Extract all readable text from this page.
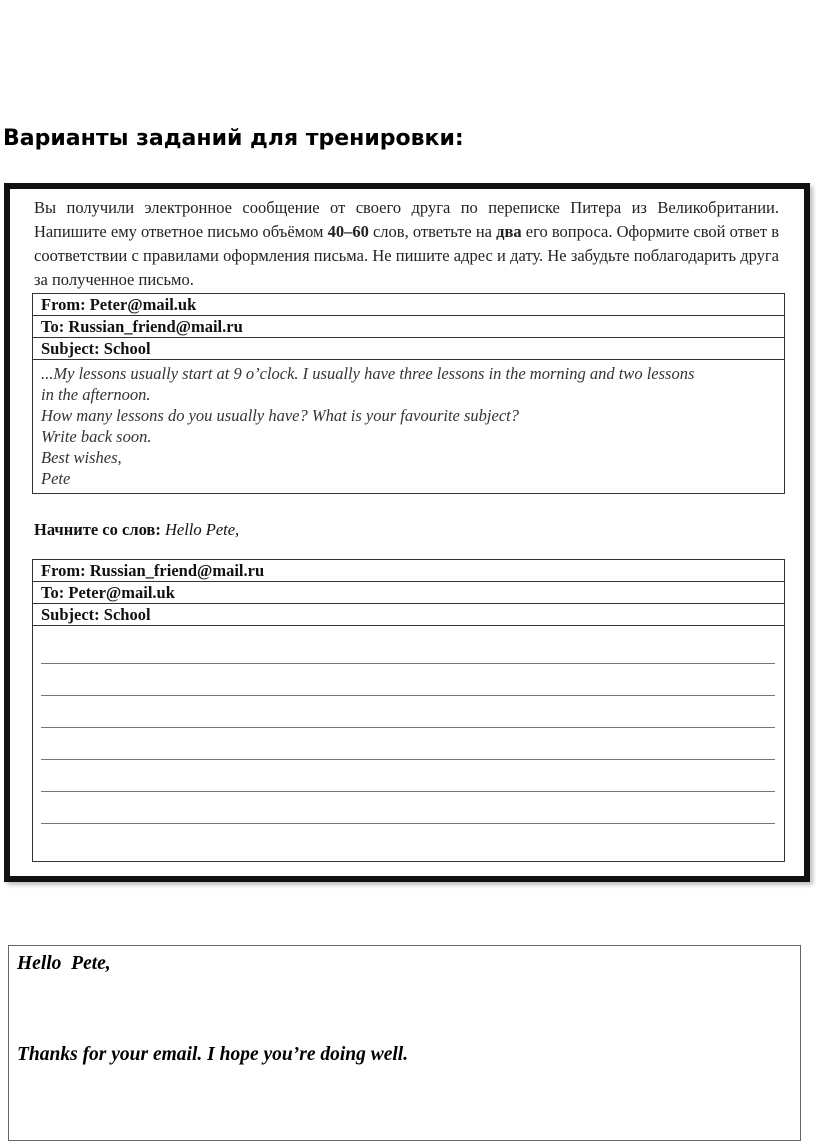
Варианты заданий для тренировки:
Вы получили электронное сообщение от своего друга по переписке Питера из Великобритании. Напишите ему ответное письмо объёмом 40–60 слов, ответьте на два его вопроса. Оформите свой ответ в соответствии с правилами оформления письма. Не пишите адрес и дату. Не забудьте поблагодарить друга за полученное письмо.
From: Peter@mail.uk
To: Russian_friend@mail.ru
Subject: School
...My lessons usually start at 9 o’clock. I usually have three lessons in the morning and two lessons
in the afternoon.
How many lessons do you usually have? What is your favourite subject?
Write back soon.
Best wishes,
Pete
Начните со слов: Hello Pete,
From: Russian_friend@mail.ru
To: Peter@mail.uk
Subject: School
Hello  Pete,
Thanks for your email. I hope you’re doing well.
